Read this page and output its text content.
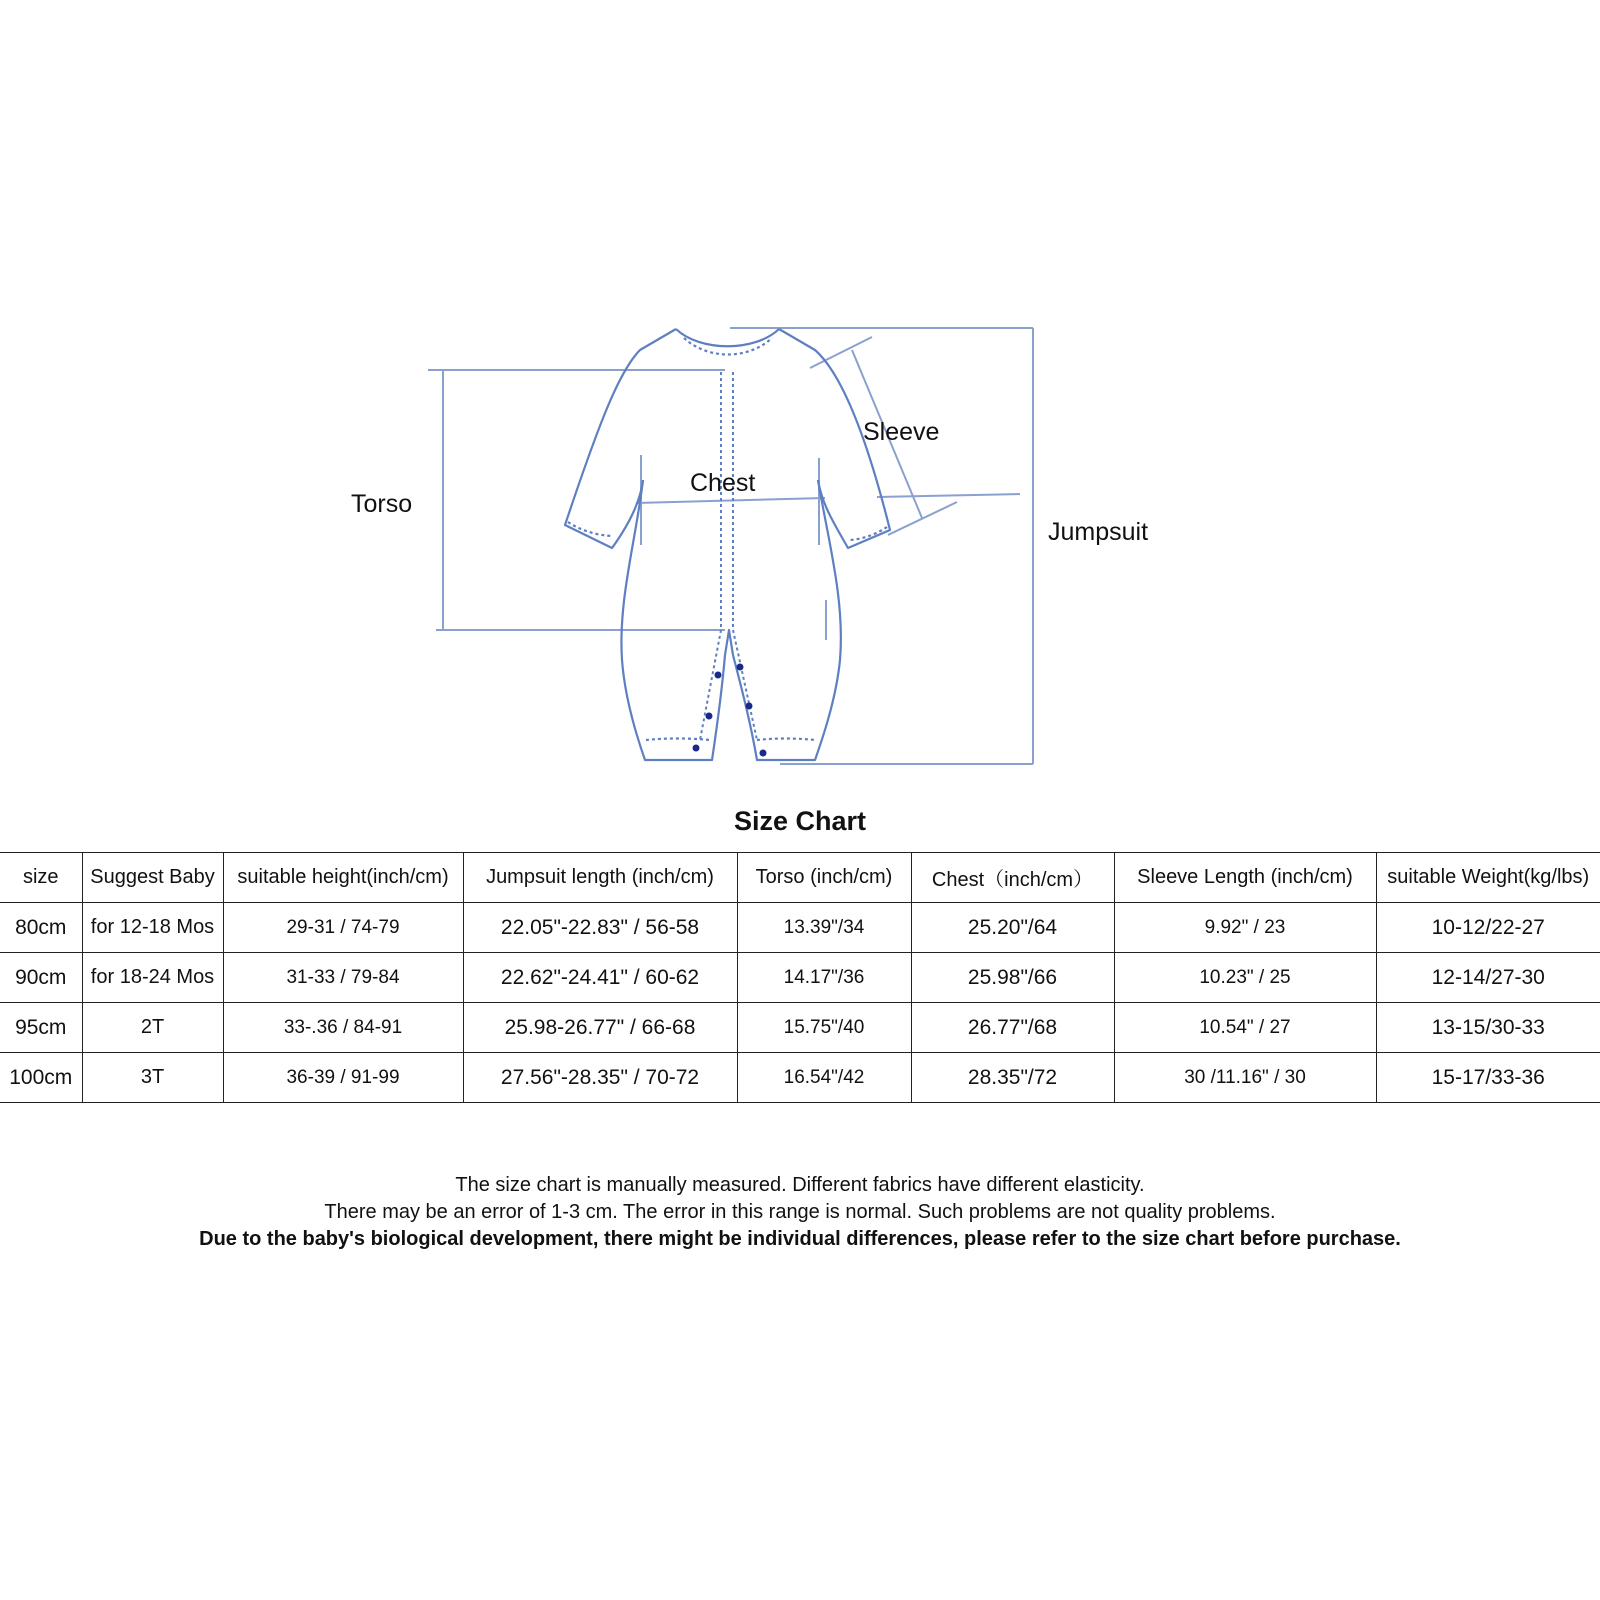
Torso
Chest
Sleeve
Jumpsuit
Size Chart
size	Suggest Baby	suitable height(inch/cm)	Jumpsuit length (inch/cm)	Torso (inch/cm)	Chest（inch/cm）	Sleeve Length (inch/cm)	suitable Weight(kg/lbs)
80cm	for 12-18 Mos	29-31 / 74-79	22.05"-22.83" / 56-58	13.39"/34	25.20"/64	9.92" / 23	10-12/22-27
90cm	for 18-24 Mos	31-33 / 79-84	22.62"-24.41" / 60-62	14.17"/36	25.98"/66	10.23" / 25	12-14/27-30
95cm	2T	33-.36 / 84-91	25.98-26.77" / 66-68	15.75"/40	26.77"/68	10.54" / 27	13-15/30-33
100cm	3T	36-39 / 91-99	27.56"-28.35" / 70-72	16.54"/42	28.35"/72	30 /11.16" / 30	15-17/33-36
The size chart is manually measured. Different fabrics have different elasticity.
There may be an error of 1-3 cm. The error in this range is normal. Such problems are not quality problems.
Due to the baby's biological development, there might be individual differences, please refer to the size chart before purchase.
